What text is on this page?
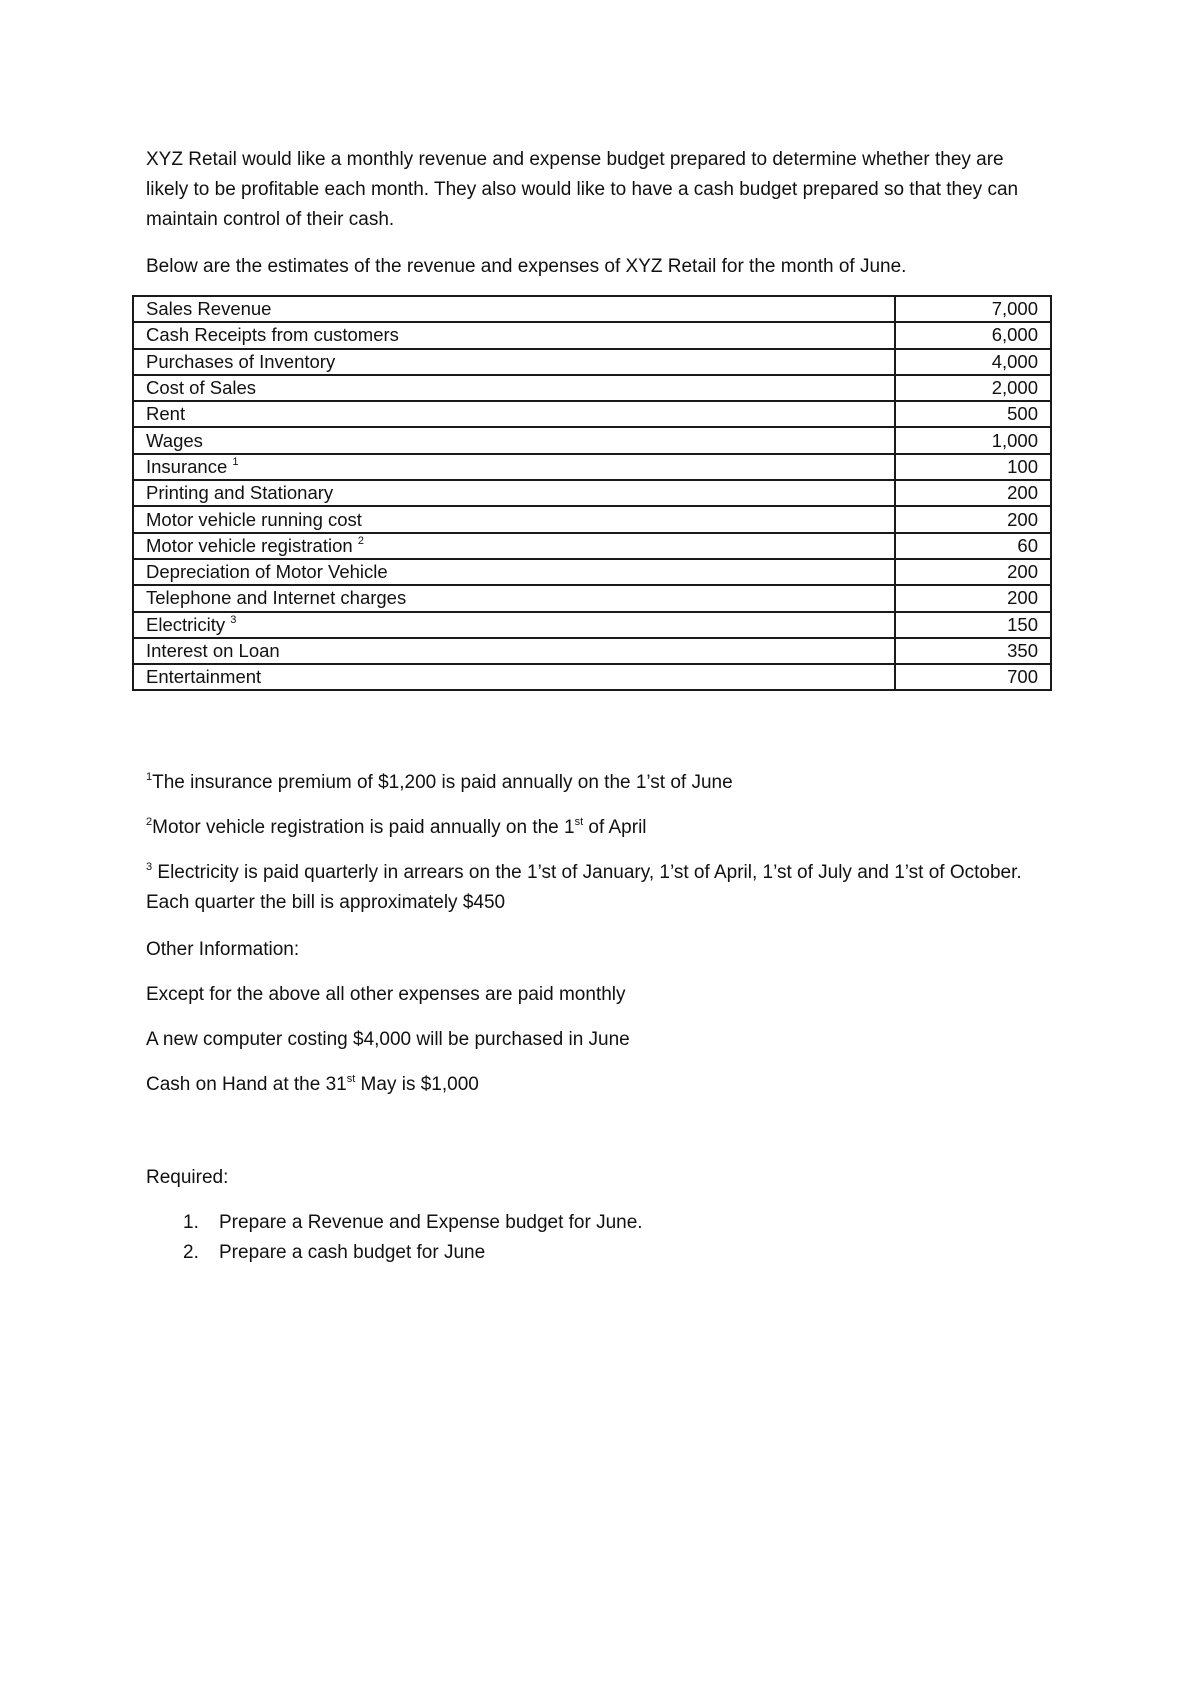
XYZ Retail would like a monthly revenue and expense budget prepared to determine whether they are likely to be profitable each month. They also would like to have a cash budget prepared so that they can maintain control of their cash.
Below are the estimates of the revenue and expenses of XYZ Retail for the month of June.
Sales Revenue	7,000
Cash Receipts from customers	6,000
Purchases of Inventory	4,000
Cost of Sales	2,000
Rent	500
Wages	1,000
Insurance $^1$	100
Printing and Stationary	200
Motor vehicle running cost	200
Motor vehicle registration $^2$	60
Depreciation of Motor Vehicle	200
Telephone and Internet charges	200
Electricity $^3$	150
Interest on Loan	350
Entertainment	700
$^1$The insurance premium of $1,200 is paid annually on the 1’st of June
$^2$Motor vehicle registration is paid annually on the 1st of April
$^3$ Electricity is paid quarterly in arrears on the 1’st of January, 1’st of April, 1’st of July and 1’st of October. Each quarter the bill is approximately $450
Other Information:
Except for the above all other expenses are paid monthly
A new computer costing $4,000 will be purchased in June
Cash on Hand at the 31st May is $1,000
Required:
1.	Prepare a Revenue and Expense budget for June.
2.	Prepare a cash budget for June
